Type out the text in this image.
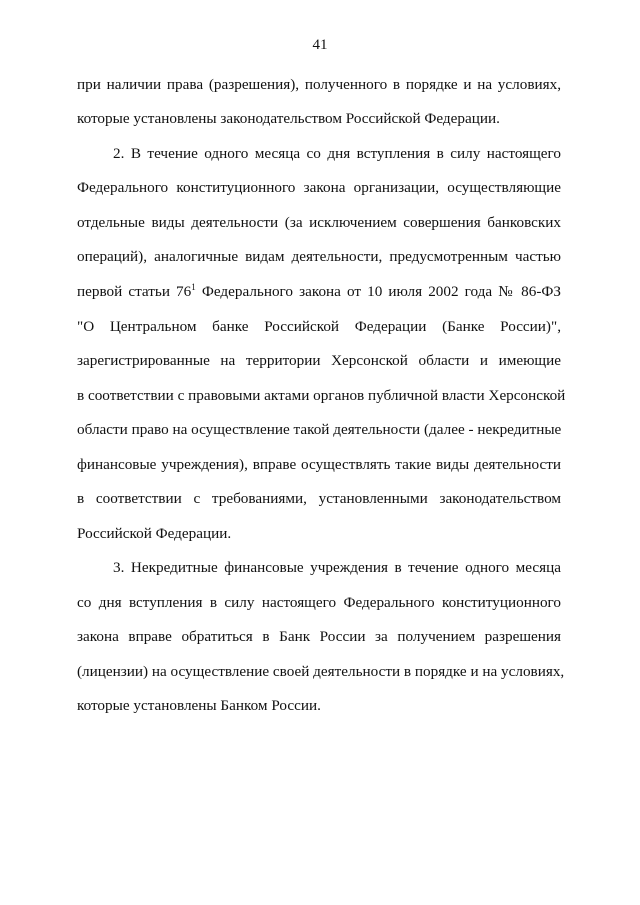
41
при наличии права (разрешения), полученного в порядке и на условиях,
которые установлены законодательством Российской Федерации.
2. В течение одного месяца со дня вступления в силу настоящего
Федерального конституционного закона организации, осуществляющие
отдельные виды деятельности (за исключением совершения банковских
операций), аналогичные видам деятельности, предусмотренным частью
первой статьи $76^1$ Федерального закона от 10 июля 2002 года № 86-ФЗ
"О Центральном банке Российской Федерации (Банке России)",
зарегистрированные на территории Херсонской области и имеющие
в соответствии с правовыми актами органов публичной власти Херсонской
области право на осуществление такой деятельности (далее - некредитные
финансовые учреждения), вправе осуществлять такие виды деятельности
в соответствии с требованиями, установленными законодательством
Российской Федерации.
3. Некредитные финансовые учреждения в течение одного месяца
со дня вступления в силу настоящего Федерального конституционного
закона вправе обратиться в Банк России за получением разрешения
(лицензии) на осуществление своей деятельности в порядке и на условиях,
которые установлены Банком России.
